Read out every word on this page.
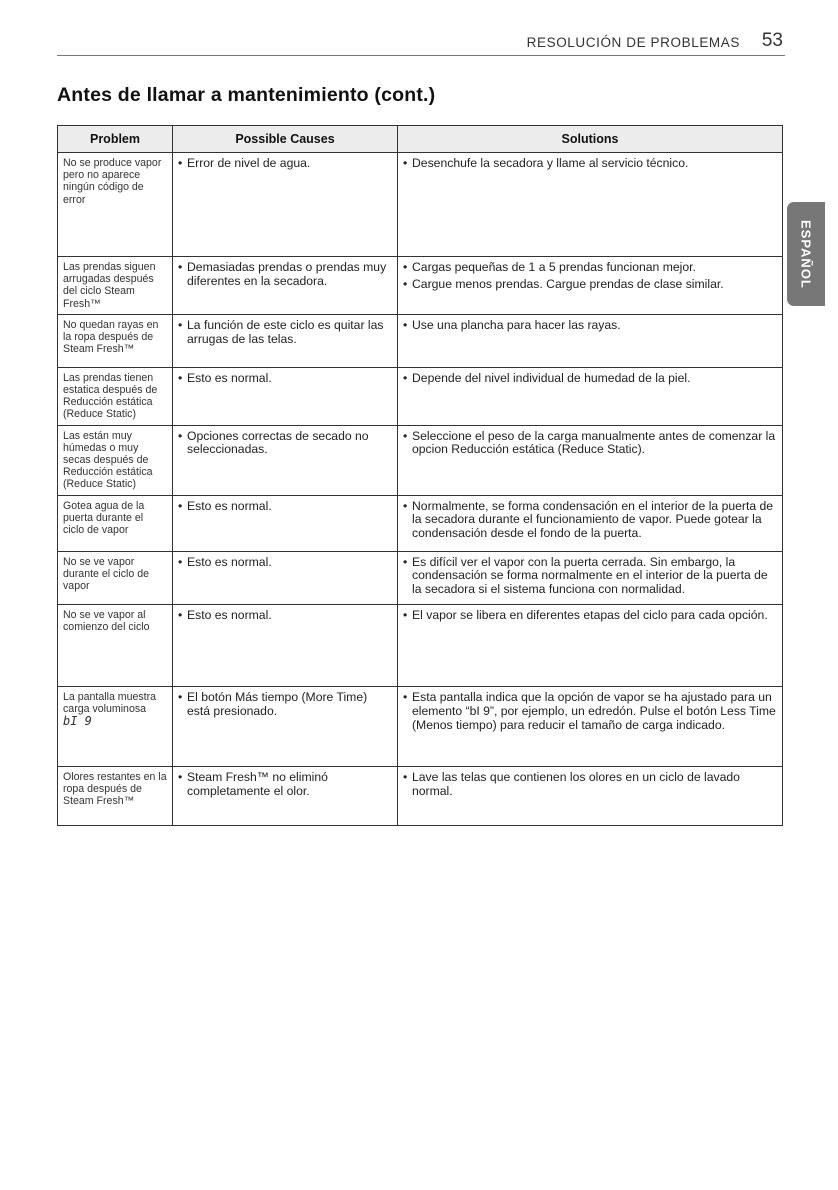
RESOLUCIÓN DE PROBLEMAS 53
Antes de llamar a mantenimiento (cont.)
ESPAÑOL
Problem	Possible Causes	Solutions
No se produce vapor pero no aparece ningún código de error	• Error de nivel de agua.	• Desenchufe la secadora y llame al servicio técnico.

Las prendas siguen arrugadas después del ciclo Steam Fresh™	• Demasiadas prendas o prendas muy diferentes en la secadora.	• Cargas pequeñas de 1 a 5 prendas funcionan mejor.
• Cargue menos prendas. Cargue prendas de clase similar.

No quedan rayas en la ropa después de Steam Fresh™	• La función de este ciclo es quitar las arrugas de las telas.	• Use una plancha para hacer las rayas.

Las prendas tienen estatica después de Reducción estática (Reduce Static)	• Esto es normal.	• Depende del nivel individual de humedad de la piel.

Las están muy húmedas o muy secas después de Reducción estática (Reduce Static)	• Opciones correctas de secado no seleccionadas.	• Seleccione el peso de la carga manualmente antes de comenzar la opcion Reducción estática (Reduce Static).

Gotea agua de la puerta durante el ciclo de vapor	• Esto es normal.	• Normalmente, se forma condensación en el interior de la puerta de la secadora durante el funcionamiento de vapor. Puede gotear la condensación desde el fondo de la puerta.

No se ve vapor durante el ciclo de vapor	• Esto es normal.	• Es difícil ver el vapor con la puerta cerrada. Sin embargo, la condensación se forma normalmente en el interior de la puerta de la secadora si el sistema funciona con normalidad.

No se ve vapor al comienzo del ciclo	• Esto es normal.	• El vapor se libera en diferentes etapas del ciclo para cada opción.

La pantalla muestra carga voluminosa
bI 9	• El botón Más tiempo (More Time) está presionado.	• Esta pantalla indica que la opción de vapor se ha ajustado para un elemento “bI 9”, por ejemplo, un edredón. Pulse el botón Less Time (Menos tiempo) para reducir el tamaño de carga indicado.

Olores restantes en la ropa después de Steam Fresh™	• Steam Fresh™ no eliminó completamente el olor.	• Lave las telas que contienen los olores en un ciclo de lavado normal.
